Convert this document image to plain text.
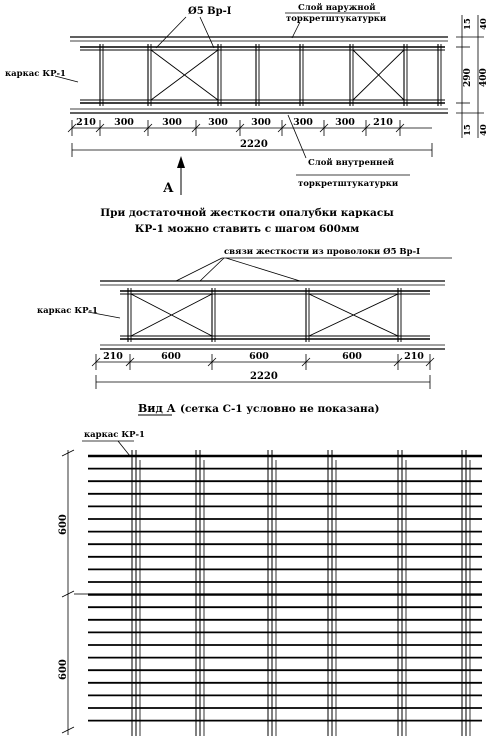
Ø5 Вр-I	Слой наружной
торкретштукатурки
каркас КР-1
210 300	300	300 300 300 300 210
2220
15 40
290 400
15 40
Слой внутренней
торкретштукатурки
А
При достаточной жесткости опалубки каркасы
КР-1 можно ставить с шагом 600мм
связи жесткости из проволоки Ø5 Вр-I
каркас КР-1
210	600	600	600	210
2220
Вид А (сетка С-1 условно не показана)
каркас КР-1
600
600
